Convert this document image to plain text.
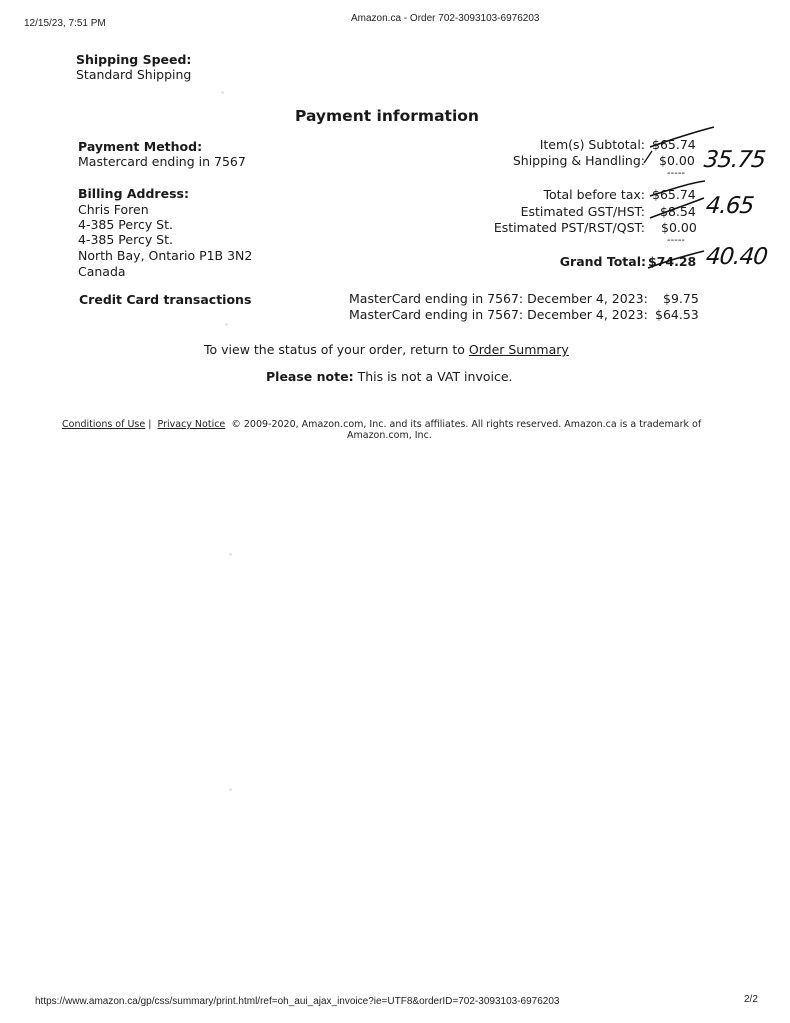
12/15/23, 7:51 PM	Amazon.ca - Order 702-3093103-6976203
Shipping Speed:
Standard Shipping
Payment information
Payment Method:
Mastercard ending in 7567
Billing Address:
Chris Foren
4-385 Percy St.
4-385 Percy St.
North Bay, Ontario P1B 3N2
Canada
Item(s) Subtotal: $65.74
Shipping & Handling: $0.00
-----
Total before tax: $65.74
Estimated GST/HST: $8.54
Estimated PST/RST/QST: $0.00
-----
Grand Total: $74.28
35.75
4.65
40.40
Credit Card transactions	MasterCard ending in 7567: December 4, 2023: $9.75
MasterCard ending in 7567: December 4, 2023: $64.53
To view the status of your order, return to Order Summary
Please note: This is not a VAT invoice.
Conditions of Use | Privacy Notice © 2009-2020, Amazon.com, Inc. and its affiliates. All rights reserved. Amazon.ca is a trademark of
Amazon.com, Inc.
https://www.amazon.ca/gp/css/summary/print.html/ref=oh_aui_ajax_invoice?ie=UTF8&orderID=702-3093103-6976203	2/2
